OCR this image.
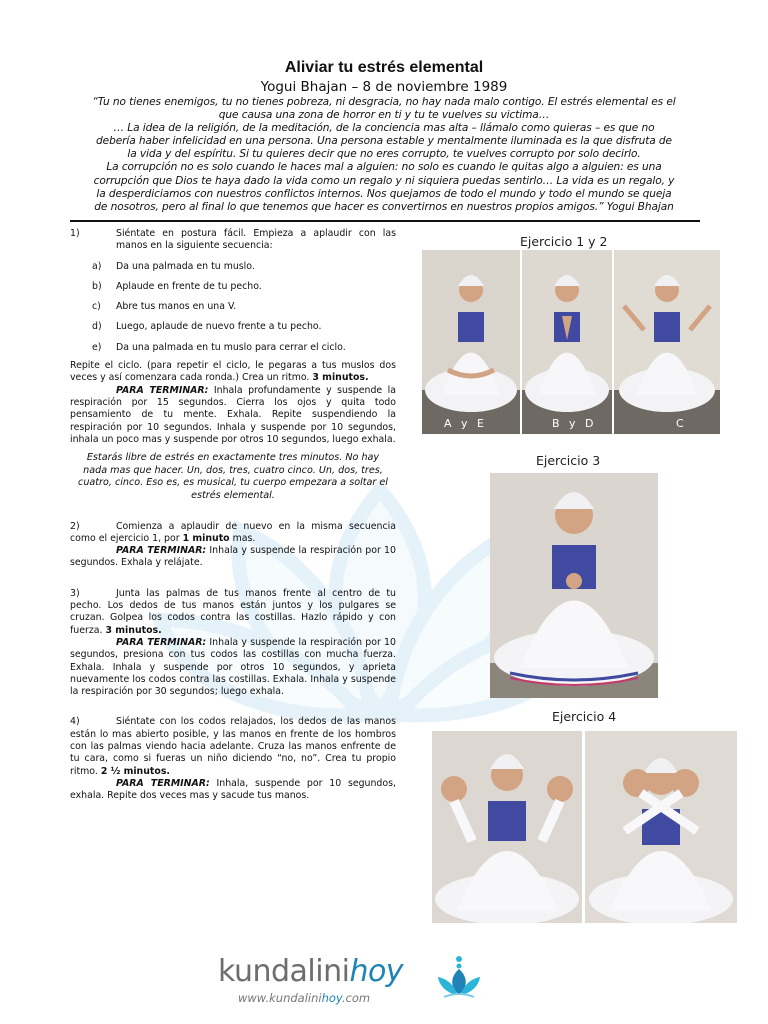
Aliviar tu estrés elemental

Yogui Bhajan – 8 de noviembre 1989

“Tu no tienes enemigos, tu no tienes pobreza, ni desgracia, no hay nada malo contigo. El estrés elemental es el

que causa una zona de horror en ti y tu te vuelves su victima…

… La idea de la religión, de la meditación, de la conciencia mas alta – llámalo como quieras – es que no

debería haber infelicidad en una persona. Una persona estable y mentalmente iluminada es la que disfruta de

la vida y del espíritu. Si tu quieres decir que no eres corrupto, te vuelves corrupto por solo decirlo.

La corrupción no es solo cuando le haces mal a alguien: no solo es cuando le quitas algo a alguien: es una

corrupción que Dios te haya dado la vida como un regalo y ni siquiera puedas sentirlo… La vida es un regalo, y

la desperdiciamos con nuestros conflictos internos. Nos quejamos de todo el mundo y todo el mundo se queja

de nosotros, pero al final lo que tenemos que hacer es convertirnos en nuestros propios amigos.” Yogui Bhajan

1)	Siéntate en postura fácil. Empieza a aplaudir con las manos en la siguiente secuencia:
a)	Da una palmada en tu muslo.
b)	Aplaude en frente de tu pecho.
c)	Abre tus manos en una V.
d)	Luego, aplaude de nuevo frente a tu pecho.
e)	Da una palmada en tu muslo para cerrar el ciclo.

Repite el ciclo. (para repetir el ciclo, le pegaras a tus muslos dos veces y así comenzara cada ronda.) Crea un ritmo. 3 minutos.

PARA TERMINAR: Inhala profundamente y suspende la respiración por 15 segundos. Cierra los ojos y quita todo pensamiento de tu mente. Exhala. Repite suspendiendo la respiración por 10 segundos. Inhala y suspende por 10 segundos, inhala un poco mas y suspende por otros 10 segundos, luego exhala.

Estarás libre de estrés en exactamente tres minutos. No hay nada mas que hacer. Un, dos, tres, cuatro cinco. Un, dos, tres, cuatro, cinco. Eso es, es musical, tu cuerpo empezara a soltar el estrés elemental.

2)	Comienza a aplaudir de nuevo en la misma secuencia como el ejercicio 1, por 1 minuto mas.

PARA TERMINAR: Inhala y suspende la respiración por 10 segundos. Exhala y relájate.

3)	Junta las palmas de tus manos frente al centro de tu pecho. Los dedos de tus manos están juntos y los pulgares se cruzan. Golpea los codos contra las costillas. Hazlo rápido y con fuerza. 3 minutos.

PARA TERMINAR: Inhala y suspende la respiración por 10 segundos, presiona con tus codos las costillas con mucha fuerza. Exhala. Inhala y suspende por otros 10 segundos, y aprieta nuevamente los codos contra las costillas. Exhala. Inhala y suspende la respiración por 30 segundos; luego exhala.

4)	Siéntate con los codos relajados, los dedos de las manos están lo mas abierto posible, y las manos en frente de los hombros con las palmas viendo hacia adelante. Cruza las manos enfrente de tu cara, como si fueras un niño diciendo “no, no”. Crea tu propio ritmo. 2 ½ minutos.

PARA TERMINAR: Inhala, suspende por 10 segundos, exhala. Repite dos veces mas y sacude tus manos.

Ejercicio 1 y 2
Ejercicio 3
Ejercicio 4
A y E	B y D	C
kundalinihoy
www.kundalinihoy.com
